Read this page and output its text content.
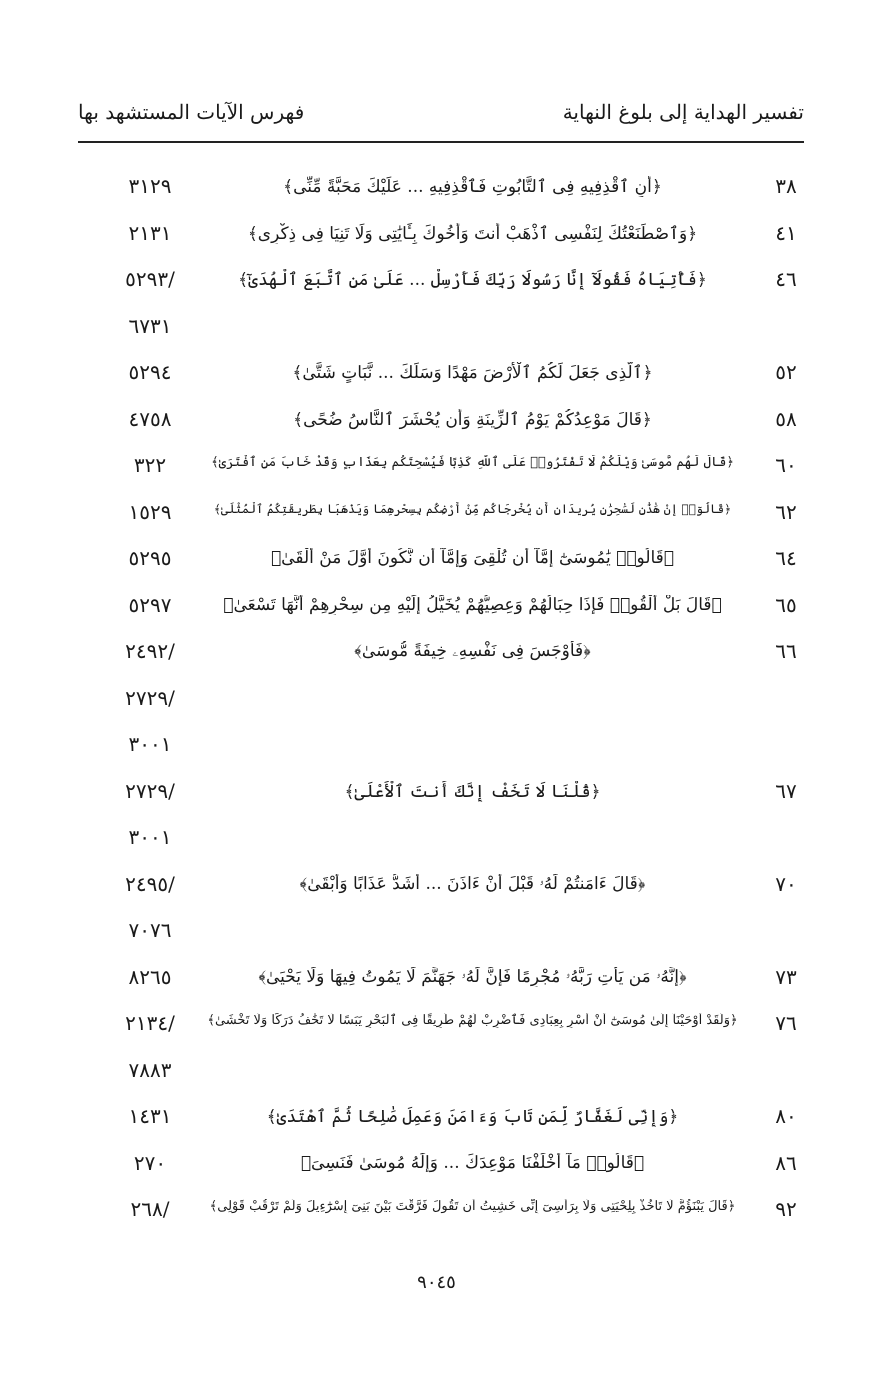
تفسير الهداية إلى بلوغ النهاية
فهرس الآيات المستشهد بها
٣٨
﴿أَنِ ٱقْذِفِيهِ فِى ٱلتَّابُوتِ فَٱقْذِفِيهِ ... عَلَيْكَ مَحَبَّةً مِّنِّى﴾
٣١٢٩
٤١
﴿وَٱصْطَنَعْتُكَ لِنَفْسِى ٱذْهَبْ أَنتَ وَأَخُوكَ بِـَٔايَٰتِى وَلَا تَنِيَا فِى ذِكْرِى﴾
٢١٣١
٤٦
﴿فَأْتِيَاهُ فَقُولَآ إِنَّا رَسُولَا رَبِّكَ فَأَرْسِلْ ... عَلَىٰ مَنِ ٱتَّبَعَ ٱلْهُدَىٰٓ﴾
/٥٢٩٣
٦٧٣١
٥٢
﴿ٱلَّذِى جَعَلَ لَكُمُ ٱلْأَرْضَ مَهْدًا وَسَلَكَ ... نَّبَاتٍ شَتَّىٰ﴾
٥٢٩٤
٥٨
﴿قَالَ مَوْعِدُكُمْ يَوْمُ ٱلزِّينَةِ وَأَن يُحْشَرَ ٱلنَّاسُ ضُحًى﴾
٤٧٥٨
٦٠
﴿قَالَ لَهُم مُّوسَىٰ وَيْلَكُمْ لَا تَفْتَرُوا۟ عَلَى ٱللَّهِ كَذِبًا فَيُسْحِتَكُم بِعَذَابٍ وَقَدْ خَابَ مَنِ ٱفْتَرَىٰ﴾
٣٢٢
٦٢
﴿قَالُوٓا۟ إِنْ هَٰذَٰنِ لَسَٰحِرَٰنِ يُرِيدَانِ أَن يُخْرِجَاكُم مِّنْ أَرْضِكُم بِسِحْرِهِمَا وَيَذْهَبَا بِطَرِيقَتِكُمُ ٱلْمُثْلَىٰ﴾
١٥٢٩
٦٤
﴿قَالُوا۟ يَٰمُوسَىٰٓ إِمَّآ أَن تُلْقِىَ وَإِمَّآ أَن نَّكُونَ أَوَّلَ مَنْ أَلْقَىٰ﴾
٥٢٩٥
٦٥
﴿قَالَ بَلْ أَلْقُوا۟ فَإِذَا حِبَالُهُمْ وَعِصِيُّهُمْ يُخَيَّلُ إِلَيْهِ مِن سِحْرِهِمْ أَنَّهَا تَسْعَىٰ﴾
٥٢٩٧
٦٦
﴿فَأَوْجَسَ فِى نَفْسِهِۦ خِيفَةً مُّوسَىٰ﴾
/٢٤٩٢
/٢٧٢٩
٣٠٠١
٦٧
﴿قُلْنَا لَا تَخَفْ إِنَّكَ أَنتَ ٱلْأَعْلَىٰ﴾
/٢٧٢٩
٣٠٠١
٧٠
﴿قَالَ ءَامَنتُمْ لَهُۥ قَبْلَ أَنْ ءَاذَنَ ... أَشَدُّ عَذَابًا وَأَبْقَىٰ﴾
/٢٤٩٥
٧٠٧٦
٧٣
﴿إِنَّهُۥ مَن يَأْتِ رَبَّهُۥ مُجْرِمًا فَإِنَّ لَهُۥ جَهَنَّمَ لَا يَمُوتُ فِيهَا وَلَا يَحْيَىٰ﴾
٨٢٦٥
٧٦
﴿وَلَقَدْ أَوْحَيْنَآ إِلَىٰ مُوسَىٰٓ أَنْ أَسْرِ بِعِبَادِى فَٱضْرِبْ لَهُمْ طَرِيقًا فِى ٱلْبَحْرِ يَبَسًا لَّا تَخَٰفُ دَرَكًا وَلَا تَخْشَىٰ﴾
/٢١٣٤
٧٨٨٣
٨٠
﴿وَإِنِّى لَغَفَّارٌ لِّمَن تَابَ وَءَامَنَ وَعَمِلَ صَٰلِحًا ثُمَّ ٱهْتَدَىٰ﴾
١٤٣١
٨٦
﴿قَالُوا۟ مَآ أَخْلَفْنَا مَوْعِدَكَ ... وَإِلَٰهُ مُوسَىٰ فَنَسِىَ﴾
٢٧٠
٩٢
﴿قَالَ يَبْنَؤُمَّ لَا تَأْخُذْ بِلِحْيَتِى وَلَا بِرَأْسِىٓ إِنِّى خَشِيتُ أَن تَقُولَ فَرَّقْتَ بَيْنَ بَنِىٓ إِسْرَٰٓءِيلَ وَلَمْ تَرْقُبْ قَوْلِى﴾
/٢٦٨
٩٠٤٥
